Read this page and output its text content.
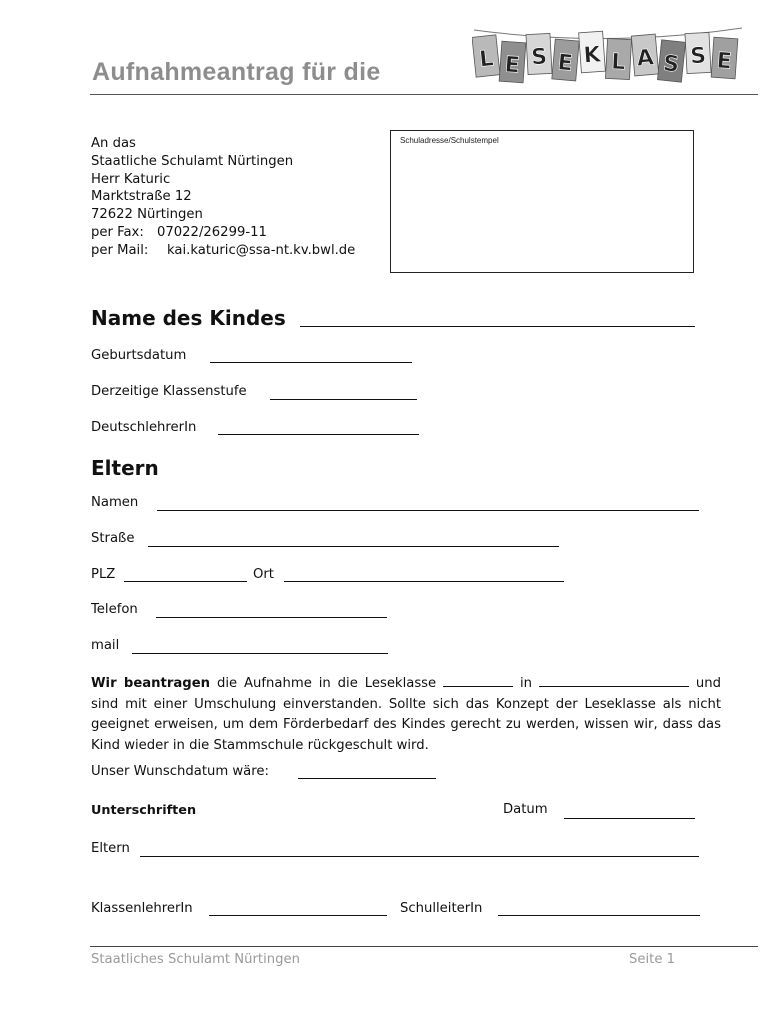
Aufnahmeantrag für die	L E S E K L A S S E
An das
Staatliche Schulamt Nürtingen
Herr Katuric
Marktstraße 12
72622 Nürtingen
per Fax: 07022/26299-11
per Mail: kai.katuric@ssa-nt.kv.bwl.de
Schuladresse/Schulstempel
Name des Kindes
Geburtsdatum
Derzeitige Klassenstufe
DeutschlehrerIn
Eltern
Namen
Straße
PLZ	Ort
Telefon
mail
Wir beantragen die Aufnahme in die Leseklasse	in	und sind mit einer Umschulung einverstanden. Sollte sich das Konzept der Leseklasse als nicht geeignet erweisen, um dem Förderbedarf des Kindes gerecht zu werden, wissen wir, dass das Kind wieder in die Stammschule rückgeschult wird.
Unser Wunschdatum wäre:
Unterschriften	Datum
Eltern
KlassenlehrerIn	SchulleiterIn
Staatliches Schulamt Nürtingen	Seite 1
